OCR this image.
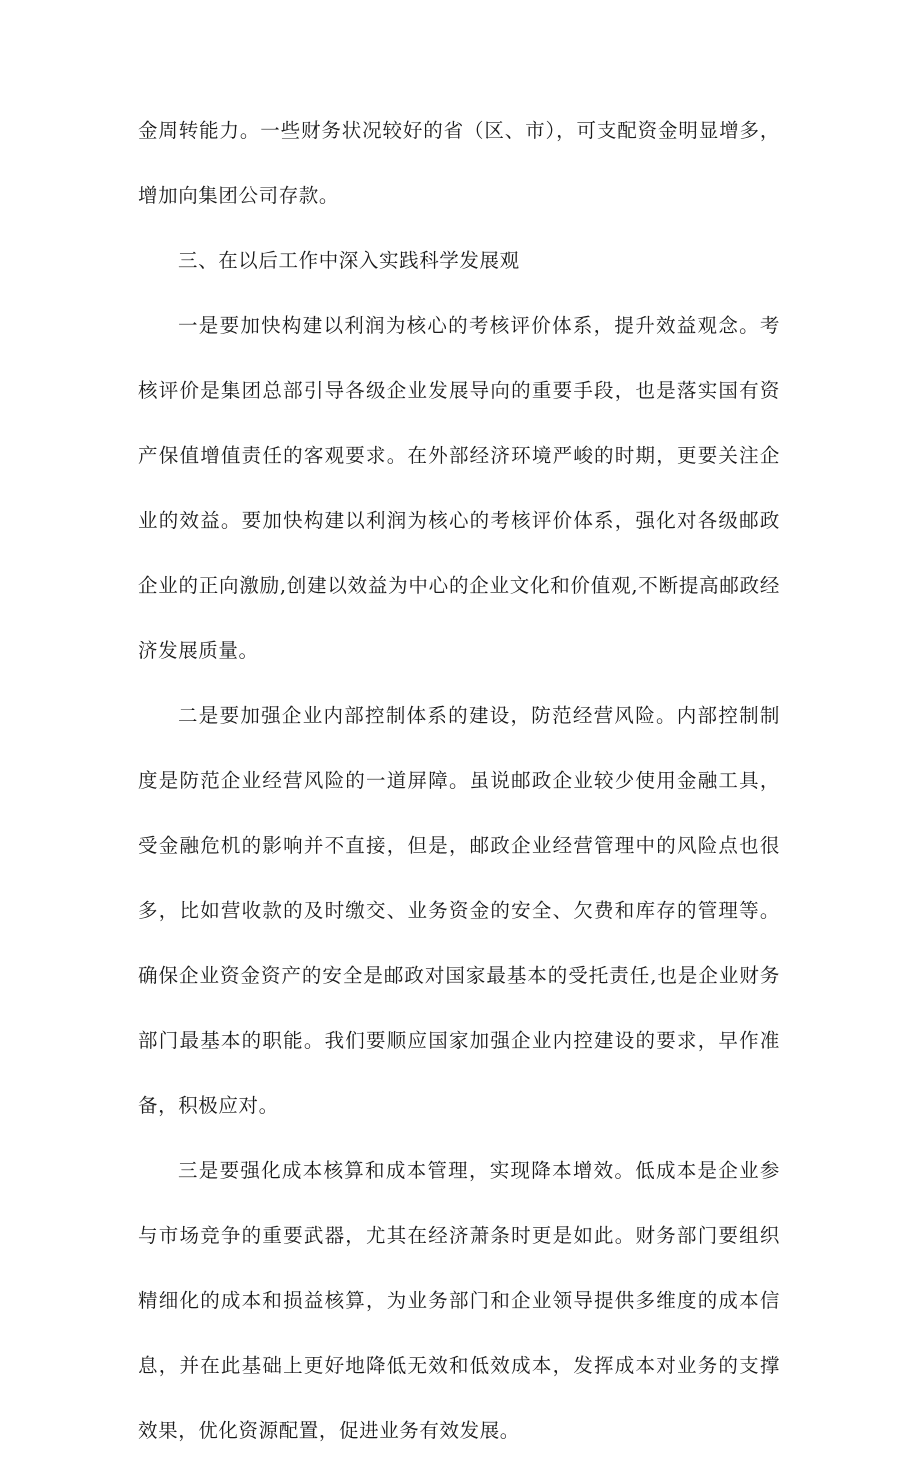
金周转能力。一些财务状况较好的省（区、市），可支配资金明显增多，增加向集团公司存款。

三、在以后工作中深入实践科学发展观

一是要加快构建以利润为核心的考核评价体系，提升效益观念。考核评价是集团总部引导各级企业发展导向的重要手段，也是落实国有资产保值增值责任的客观要求。在外部经济环境严峻的时期，更要关注企业的效益。要加快构建以利润为核心的考核评价体系，强化对各级邮政企业的正向激励,创建以效益为中心的企业文化和价值观,不断提高邮政经济发展质量。

二是要加强企业内部控制体系的建设，防范经营风险。内部控制制度是防范企业经营风险的一道屏障。虽说邮政企业较少使用金融工具，受金融危机的影响并不直接，但是，邮政企业经营管理中的风险点也很多，比如营收款的及时缴交、业务资金的安全、欠费和库存的管理等。确保企业资金资产的安全是邮政对国家最基本的受托责任,也是企业财务部门最基本的职能。我们要顺应国家加强企业内控建设的要求，早作准备，积极应对。

三是要强化成本核算和成本管理，实现降本增效。低成本是企业参与市场竞争的重要武器，尤其在经济萧条时更是如此。财务部门要组织精细化的成本和损益核算，为业务部门和企业领导提供多维度的成本信息，并在此基础上更好地降低无效和低效成本，发挥成本对业务的支撑效果，优化资源配置，促进业务有效发展。
